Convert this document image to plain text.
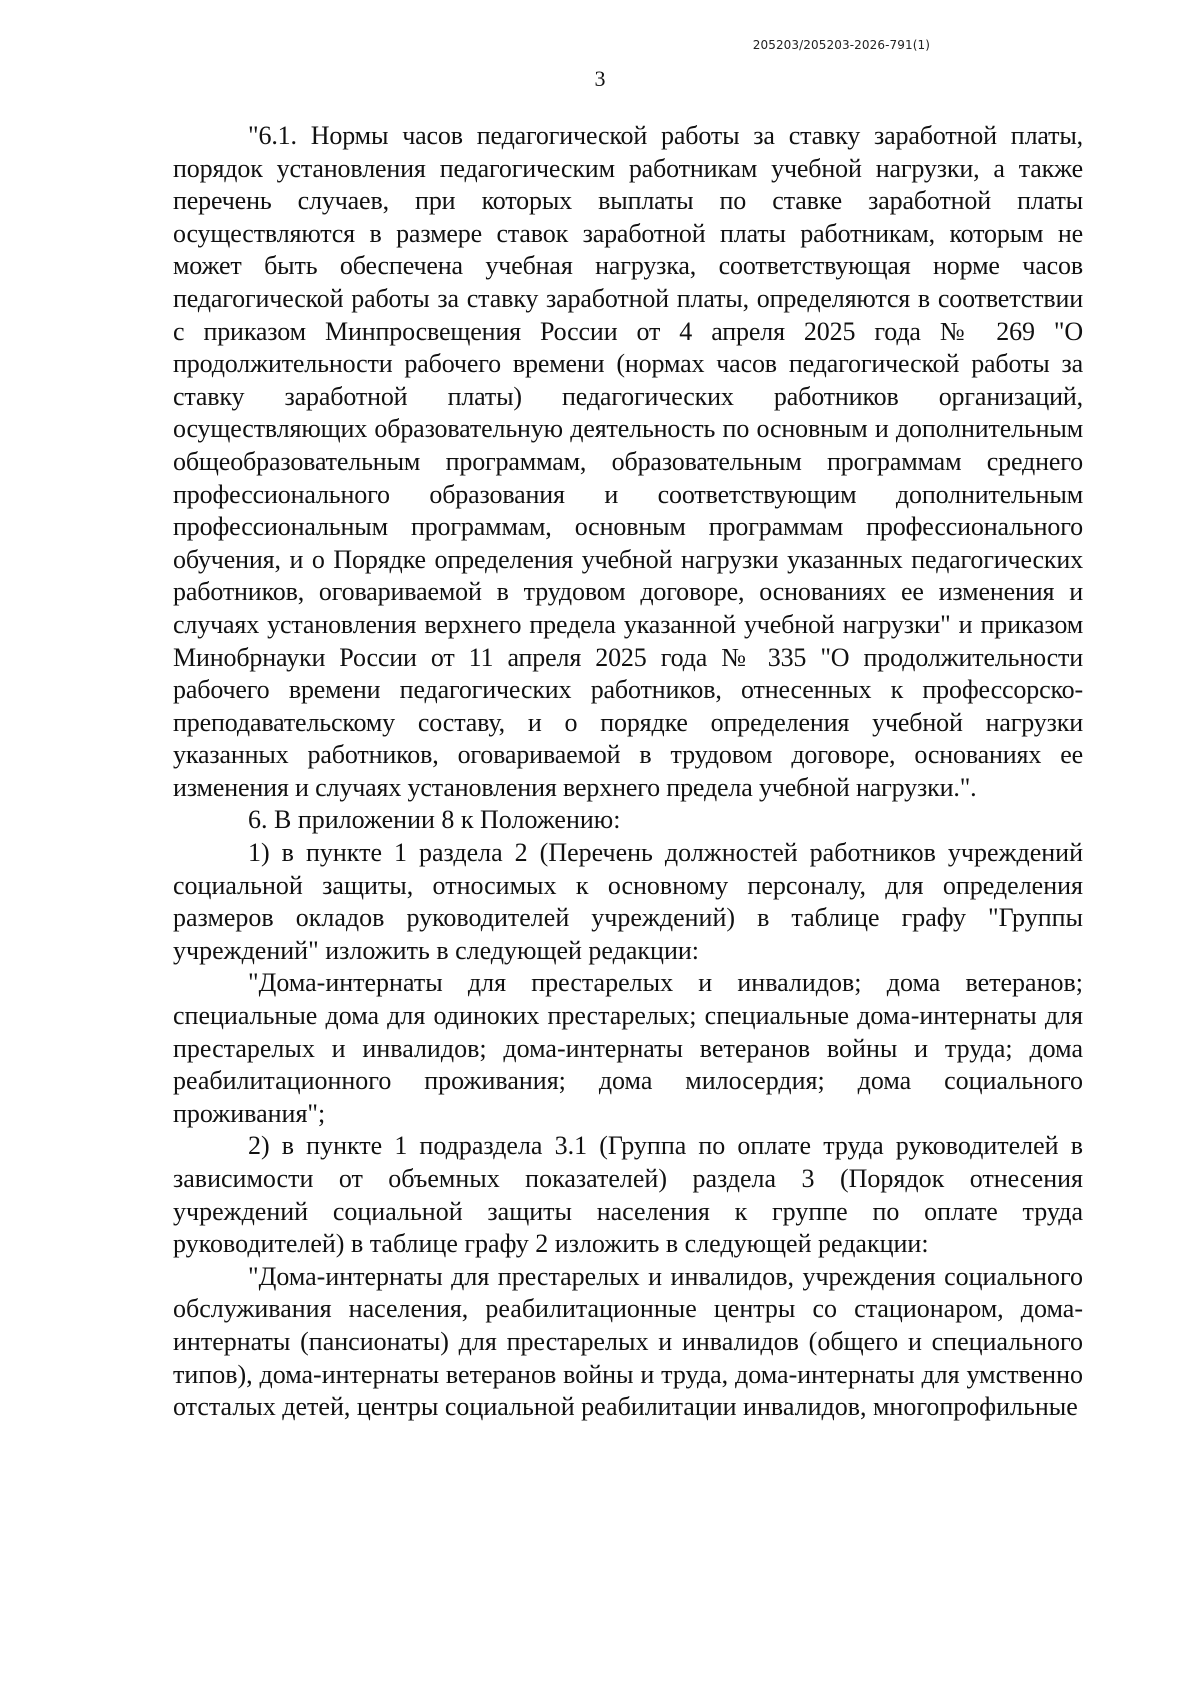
205203/205203-2026-791(1)
3

"6.1. Нормы часов педагогической работы за ставку заработной платы, порядок установления педагогическим работникам учебной нагрузки, а также перечень случаев, при которых выплаты по ставке заработной платы осуществляются в размере ставок заработной платы работникам, которым не может быть обеспечена учебная нагрузка, соответствующая норме часов педагогической работы за ставку заработной платы, определяются в соответствии с приказом Минпросвещения России от 4 апреля 2025 года № 269 "О продолжительности рабочего времени (нормах часов педагогической работы за ставку заработной платы) педагогических работников организаций, осуществляющих образовательную деятельность по основным и дополнительным общеобразовательным программам, образовательным программам среднего профессионального образования и соответствующим дополнительным профессиональным программам, основным программам профессионального обучения, и о Порядке определения учебной нагрузки указанных педагогических работников, оговариваемой в трудовом договоре, основаниях ее изменения и случаях установления верхнего предела указанной учебной нагрузки" и приказом Минобрнауки России от 11 апреля 2025 года № 335 "О продолжительности рабочего времени педагогических работников, отнесенных к профессорско-преподавательскому составу, и о порядке определения учебной нагрузки указанных работников, оговариваемой в трудовом договоре, основаниях ее изменения и случаях установления верхнего предела учебной нагрузки.".

6. В приложении 8 к Положению:

1) в пункте 1 раздела 2 (Перечень должностей работников учреждений социальной защиты, относимых к основному персоналу, для определения размеров окладов руководителей учреждений) в таблице графу "Группы учреждений" изложить в следующей редакции:

"Дома-интернаты для престарелых и инвалидов; дома ветеранов; специальные дома для одиноких престарелых; специальные дома-интернаты для престарелых и инвалидов; дома-интернаты ветеранов войны и труда; дома реабилитационного проживания; дома милосердия; дома социального проживания";

2) в пункте 1 подраздела 3.1 (Группа по оплате труда руководителей в зависимости от объемных показателей) раздела 3 (Порядок отнесения учреждений социальной защиты населения к группе по оплате труда руководителей) в таблице графу 2 изложить в следующей редакции:

"Дома-интернаты для престарелых и инвалидов, учреждения социального обслуживания населения, реабилитационные центры со стационаром, дома-интернаты (пансионаты) для престарелых и инвалидов (общего и специального типов), дома-интернаты ветеранов войны и труда, дома-интернаты для умственно отсталых детей, центры социальной реабилитации инвалидов, многопрофильные
